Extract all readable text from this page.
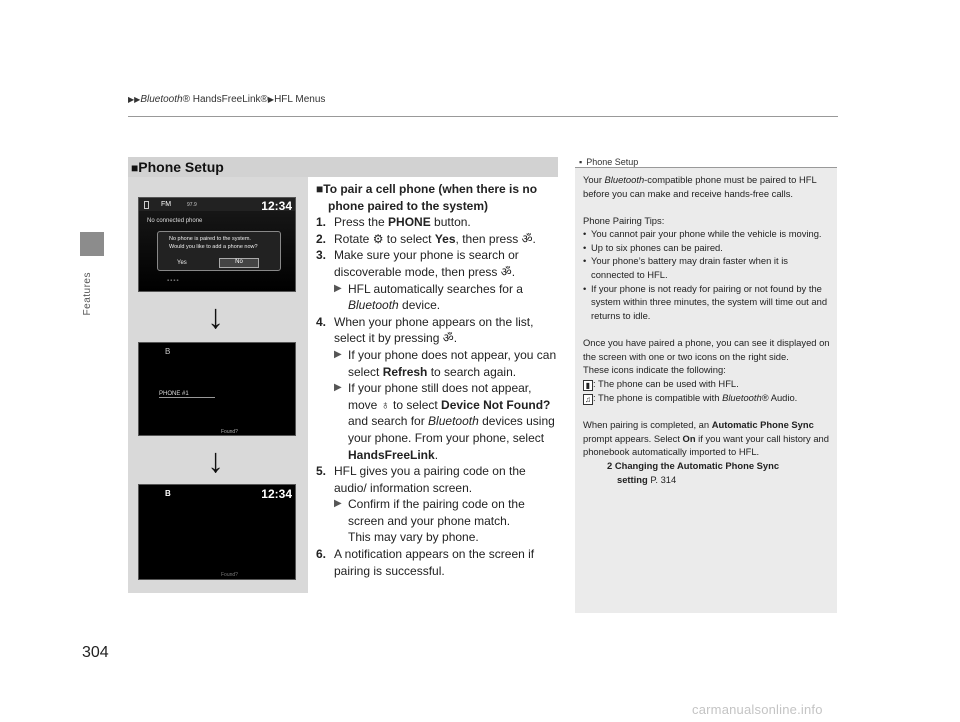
Features
▶▶Bluetooth® HandsFreeLink®▶HFL Menus
■Phone Setup
FM	97.9	12:34
No connected phone
No phone is paired to the system.
Would you like to add a phone now?
Yes	No
▪▪▪▪
↓
B
PHONE #1
Found?
↓
B	12:34
Found?
■To pair a cell phone (when there is no phone paired to the system)
1. Press the PHONE button.
2. Rotate ⚙ to select Yes, then press ॐ.
3. Make sure your phone is search or discoverable mode, then press ॐ.
▶ HFL automatically searches for a
Bluetooth device.
4. When your phone appears on the list, select it by pressing ॐ.
▶ If your phone does not appear, you can select Refresh to search again.
▶ If your phone still does not appear, move ♁ to select Device Not Found? and search for Bluetooth devices using your phone. From your phone, select HandsFreeLink.
5. HFL gives you a pairing code on the audio/ information screen.
▶ Confirm if the pairing code on the screen and your phone match.
This may vary by phone.
6. A notification appears on the screen if pairing is successful.
▪ Phone Setup

Your Bluetooth-compatible phone must be paired to HFL before you can make and receive hands-free calls.

Phone Pairing Tips:
• You cannot pair your phone while the vehicle is moving.
• Up to six phones can be paired.
• Your phone’s battery may drain faster when it is connected to HFL.
• If your phone is not ready for pairing or not found by the system within three minutes, the system will time out and returns to idle.
Once you have paired a phone, you can see it displayed on the screen with one or two icons on the right side.
These icons indicate the following:
▮ : The phone can be used with HFL.

♫ : The phone is compatible with Bluetooth® Audio.

When pairing is completed, an Automatic Phone Sync prompt appears. Select On if you want your call history and phonebook automatically imported to HFL.
2 Changing the Automatic Phone Sync
setting P. 314
304
carmanualsonline.info
